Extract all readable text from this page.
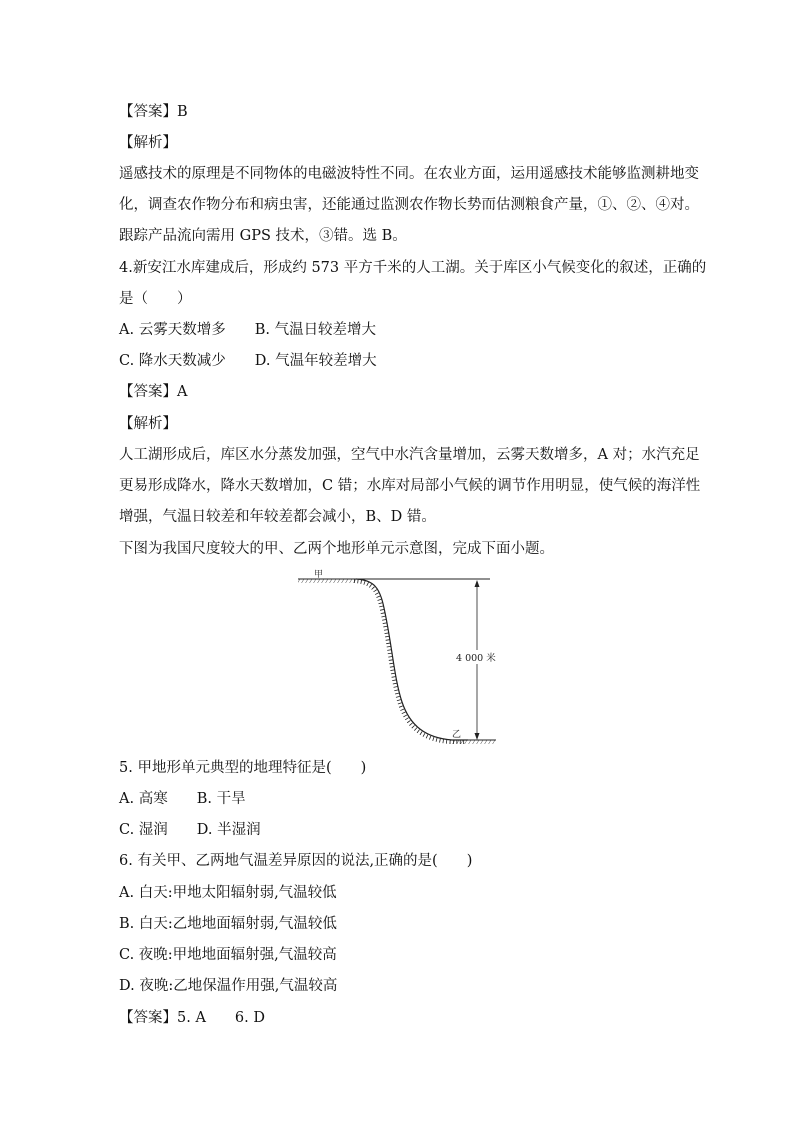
【答案】B

【解析】

遥感技术的原理是不同物体的电磁波特性不同。在农业方面，运用遥感技术能够监测耕地变

化，调查农作物分布和病虫害，还能通过监测农作物长势而估测粮食产量，①、②、④对。

跟踪产品流向需用 GPS 技术，③错。选 B。

4.新安江水库建成后，形成约 573 平方千米的人工湖。关于库区小气候变化的叙述，正确的

是（　　）

A. 云雾天数增多　　B. 气温日较差增大

C. 降水天数减少　　D. 气温年较差增大

【答案】A

【解析】

人工湖形成后，库区水分蒸发加强，空气中水汽含量增加，云雾天数增多，A 对；水汽充足

更易形成降水，降水天数增加，C 错；水库对局部小气候的调节作用明显，使气候的海洋性

增强，气温日较差和年较差都会减小，B、D 错。

下图为我国尺度较大的甲、乙两个地形单元示意图，完成下面小题。

4 000 米
甲
乙

5. 甲地形单元典型的地理特征是(　　)

A. 高寒　　B. 干旱

C. 湿润　　D. 半湿润

6. 有关甲、乙两地气温差异原因的说法,正确的是(　　)

A. 白天:甲地太阳辐射弱,气温较低

B. 白天:乙地地面辐射弱,气温较低

C. 夜晚:甲地地面辐射强,气温较高

D. 夜晚:乙地保温作用强,气温较高

【答案】5. A　　6. D
